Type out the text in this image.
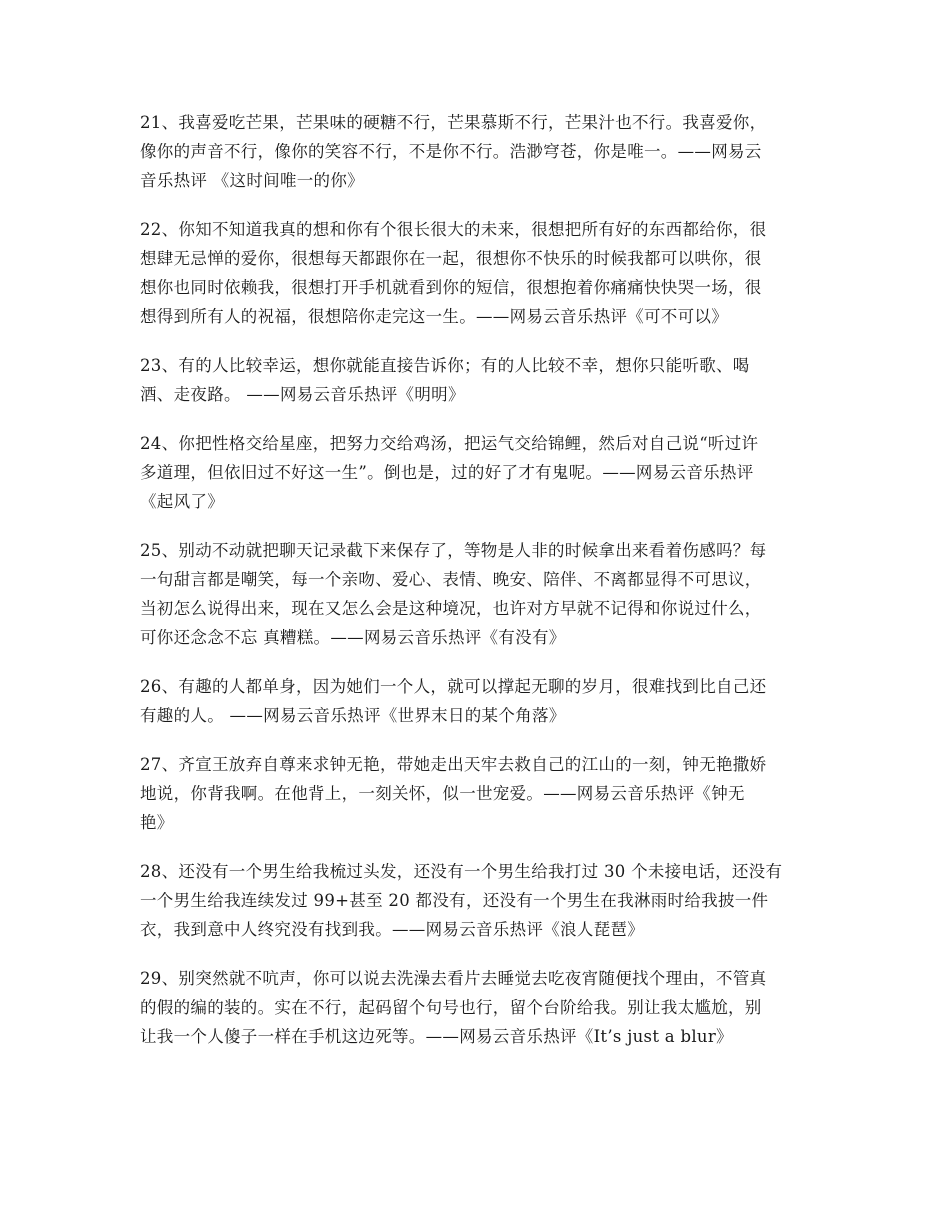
21、我喜爱吃芒果，芒果味的硬糖不行，芒果慕斯不行，芒果汁也不行。我喜爱你，
像你的声音不行，像你的笑容不行，不是你不行。浩渺穹苍，你是唯一。——网易云
音乐热评 《这时间唯一的你》

22、你知不知道我真的想和你有个很长很大的未来，很想把所有好的东西都给你，很
想肆无忌惮的爱你，很想每天都跟你在一起，很想你不快乐的时候我都可以哄你，很
想你也同时依赖我，很想打开手机就看到你的短信，很想抱着你痛痛快快哭一场，很
想得到所有人的祝福，很想陪你走完这一生。——网易云音乐热评《可不可以》

23、有的人比较幸运，想你就能直接告诉你；有的人比较不幸，想你只能听歌、喝
酒、走夜路。 ——网易云音乐热评《明明》

24、你把性格交给星座，把努力交给鸡汤，把运气交给锦鲤，然后对自己说“听过许
多道理，但依旧过不好这一生”。倒也是，过的好了才有鬼呢。——网易云音乐热评
《起风了》

25、别动不动就把聊天记录截下来保存了，等物是人非的时候拿出来看着伤感吗？每
一句甜言都是嘲笑，每一个亲吻、爱心、表情、晚安、陪伴、不离都显得不可思议，
当初怎么说得出来，现在又怎么会是这种境况，也许对方早就不记得和你说过什么，
可你还念念不忘 真糟糕。——网易云音乐热评《有没有》

26、有趣的人都单身，因为她们一个人，就可以撑起无聊的岁月，很难找到比自己还
有趣的人。 ——网易云音乐热评《世界末日的某个角落》

27、齐宣王放弃自尊来求钟无艳，带她走出天牢去救自己的江山的一刻，钟无艳撒娇
地说，你背我啊。在他背上，一刻关怀，似一世宠爱。——网易云音乐热评《钟无
艳》

28、还没有一个男生给我梳过头发，还没有一个男生给我打过 30 个未接电话，还没有
一个男生给我连续发过 99+甚至 20 都没有，还没有一个男生在我淋雨时给我披一件
衣，我到意中人终究没有找到我。——网易云音乐热评《浪人琵琶》

29、别突然就不吭声，你可以说去洗澡去看片去睡觉去吃夜宵随便找个理由，不管真
的假的编的装的。实在不行，起码留个句号也行，留个台阶给我。别让我太尴尬，别
让我一个人傻子一样在手机这边死等。——网易云音乐热评《It’s just a blur》
